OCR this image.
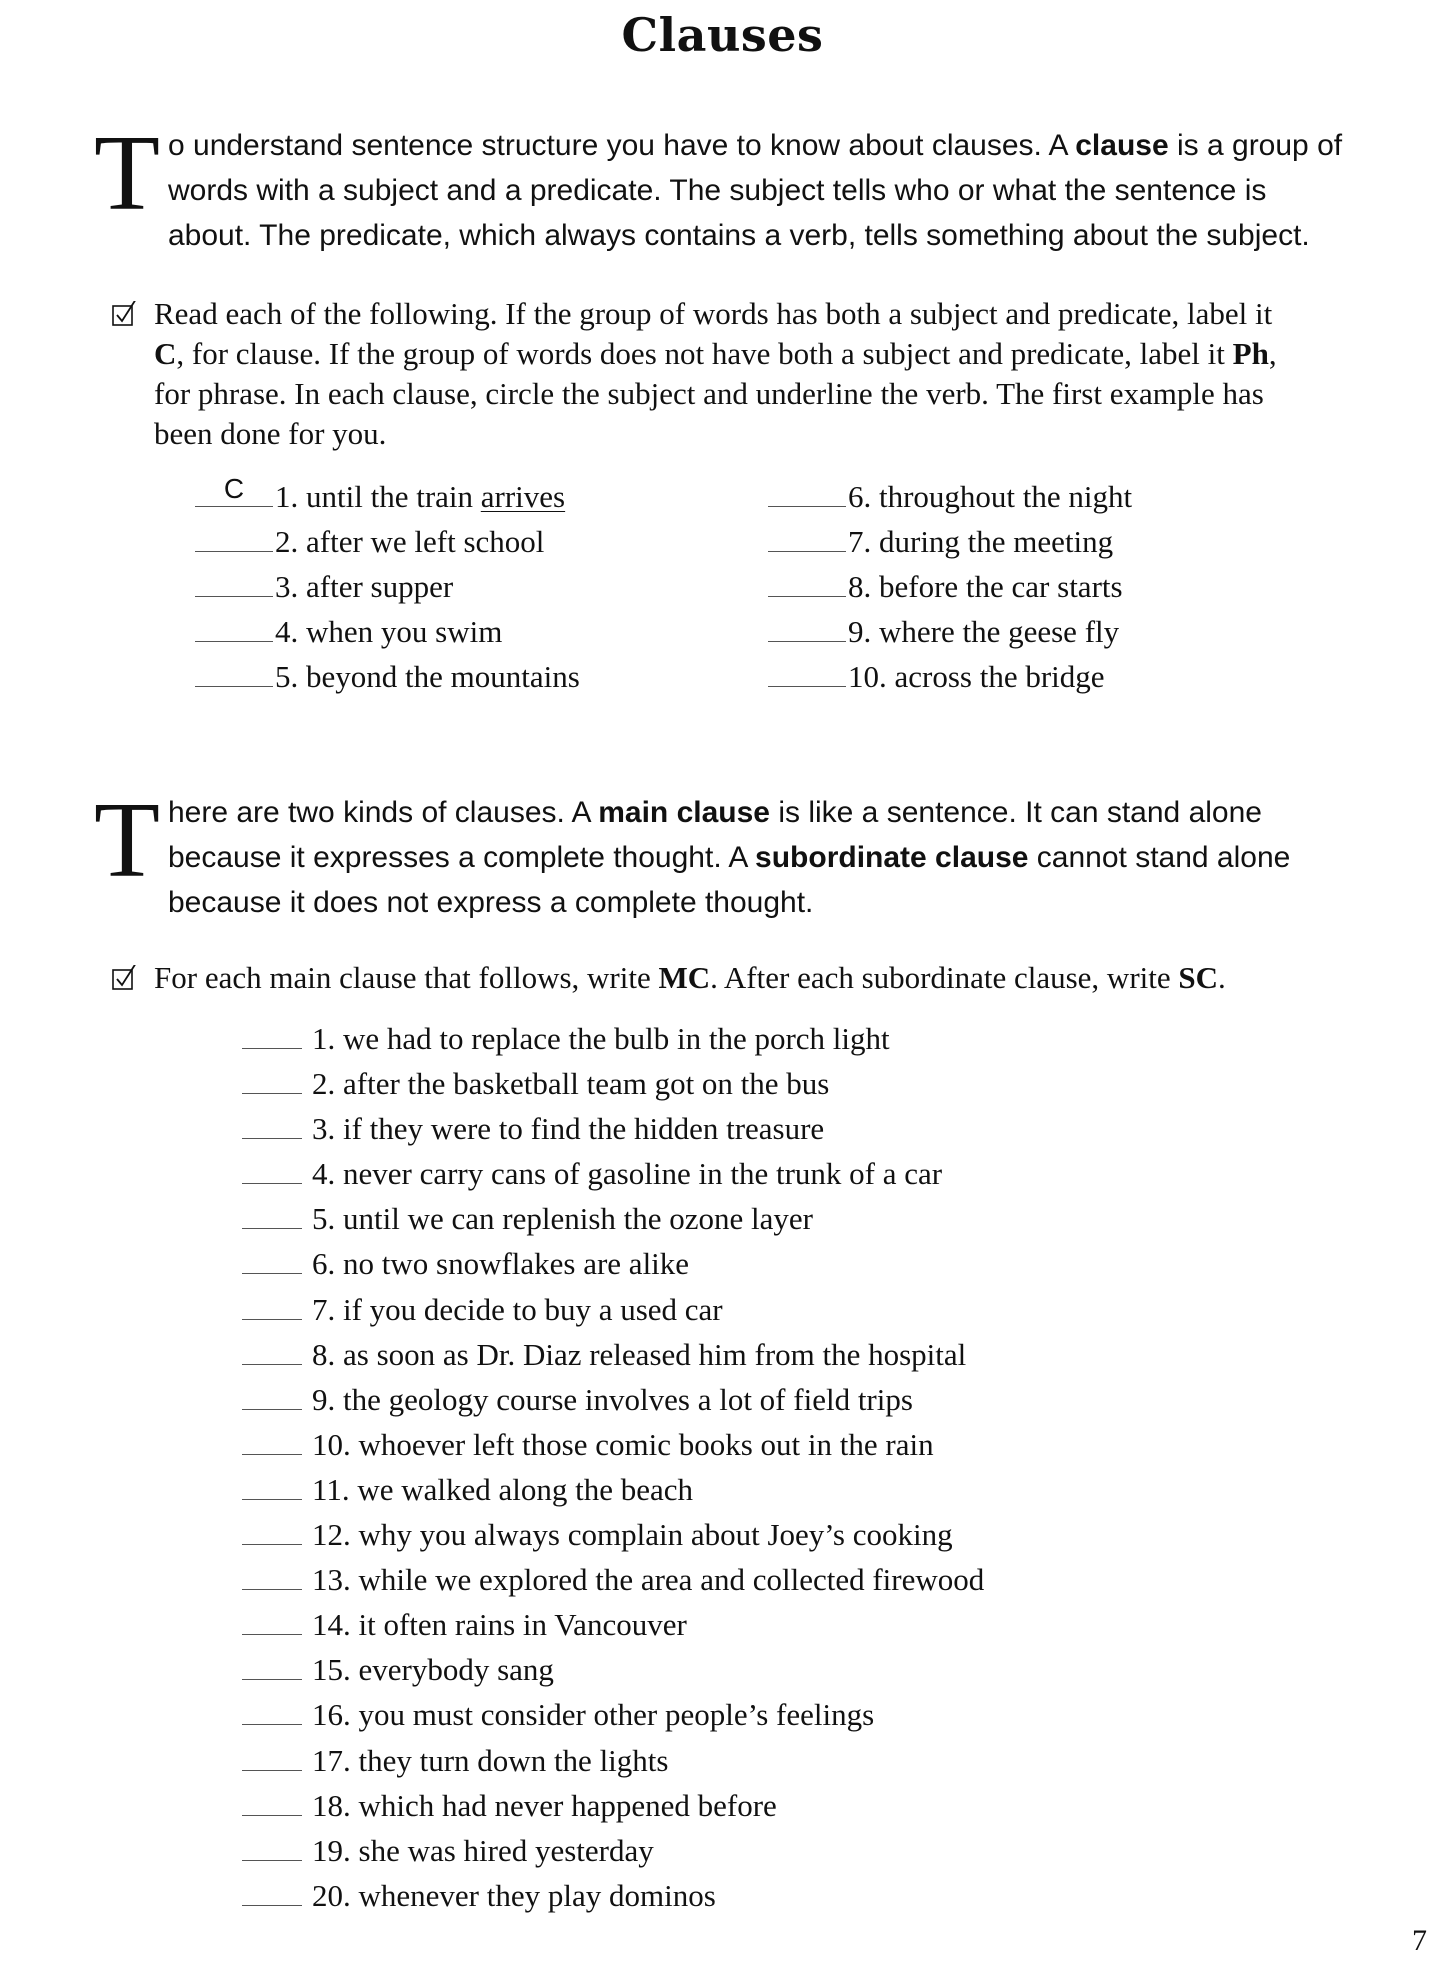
Clauses

To understand sentence structure you have to know about clauses. A clause is a group of words with a subject and a predicate. The subject tells who or what the sentence is about. The predicate, which always contains a verb, tells something about the subject.

Read each of the following. If the group of words has both a subject and predicate, label it C, for clause. If the group of words does not have both a subject and predicate, label it Ph, for phrase. In each clause, circle the subject and underline the verb. The first example has been done for you.
C 1. until the train arrives
2. after we left school
3. after supper
4. when you swim
5. beyond the mountains
6. throughout the night
7. during the meeting
8. before the car starts
9. where the geese fly
10. across the bridge

There are two kinds of clauses. A main clause is like a sentence. It can stand alone because it expresses a complete thought. A subordinate clause cannot stand alone because it does not express a complete thought.

For each main clause that follows, write MC. After each subordinate clause, write SC.
1. we had to replace the bulb in the porch light
2. after the basketball team got on the bus
3. if they were to find the hidden treasure
4. never carry cans of gasoline in the trunk of a car
5. until we can replenish the ozone layer
6. no two snowflakes are alike
7. if you decide to buy a used car
8. as soon as Dr. Diaz released him from the hospital
9. the geology course involves a lot of field trips
10. whoever left those comic books out in the rain
11. we walked along the beach
12. why you always complain about Joey’s cooking
13. while we explored the area and collected firewood
14. it often rains in Vancouver
15. everybody sang
16. you must consider other people’s feelings
17. they turn down the lights
18. which had never happened before
19. she was hired yesterday
20. whenever they play dominos
7
